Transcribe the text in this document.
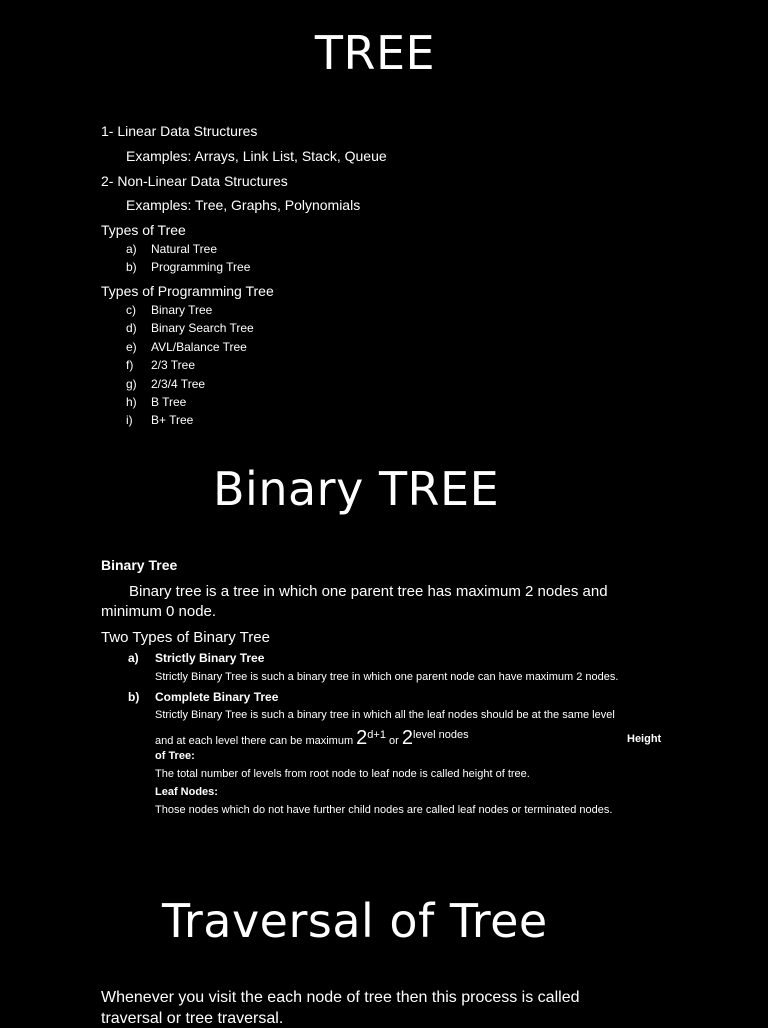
TREE
1- Linear Data Structures
Examples: Arrays, Link List, Stack, Queue
2- Non-Linear Data Structures
Examples: Tree, Graphs, Polynomials
Types of Tree
a) Natural Tree
b) Programming Tree
Types of Programming Tree
c) Binary Tree
d) Binary Search Tree
e) AVL/Balance Tree
f) 2/3 Tree
g) 2/3/4 Tree
h) B Tree
i) B+ Tree
Binary TREE
Binary Tree
Binary tree is a tree in which one parent tree has maximum 2 nodes and
minimum 0 node.
Two Types of Binary Tree
a) Strictly Binary Tree
Strictly Binary Tree is such a binary tree in which one parent node can have maximum 2 nodes.
b) Complete Binary Tree
Strictly Binary Tree is such a binary tree in which all the leaf nodes should be at the same level
and at each level there can be maximum 2d+1 or 2level nodes	Height
of Tree:
The total number of levels from root node to leaf node is called height of tree.
Leaf Nodes:
Those nodes which do not have further child nodes are called leaf nodes or terminated nodes.
Traversal of Tree
Whenever you visit the each node of tree then this process is called
traversal or tree traversal.
